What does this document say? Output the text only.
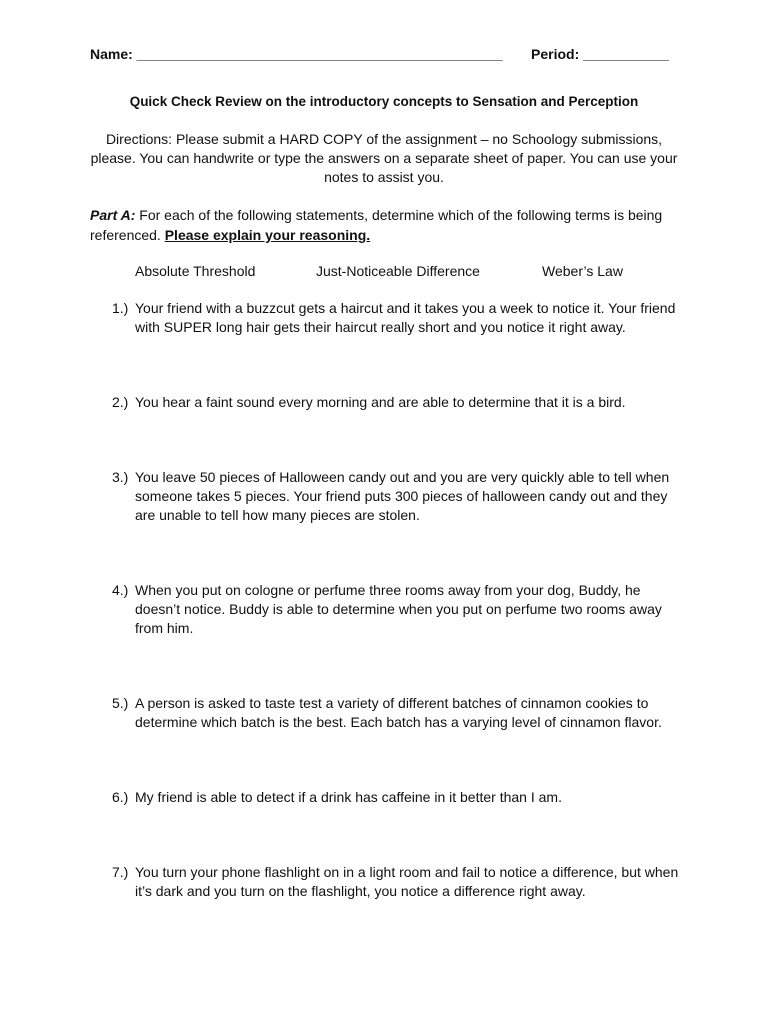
Name: _______________________________________________ Period: ___________
Quick Check Review on the introductory concepts to Sensation and Perception
Directions: Please submit a HARD COPY of the assignment – no Schoology submissions, please. You can handwrite or type the answers on a separate sheet of paper. You can use your notes to assist you.
Part A: For each of the following statements, determine which of the following terms is being referenced. Please explain your reasoning.
Absolute Threshold	Just-Noticeable Difference	Weber’s Law
1.) Your friend with a buzzcut gets a haircut and it takes you a week to notice it. Your friend with SUPER long hair gets their haircut really short and you notice it right away.
2.) You hear a faint sound every morning and are able to determine that it is a bird.
3.) You leave 50 pieces of Halloween candy out and you are very quickly able to tell when someone takes 5 pieces. Your friend puts 300 pieces of halloween candy out and they are unable to tell how many pieces are stolen.
4.) When you put on cologne or perfume three rooms away from your dog, Buddy, he doesn’t notice. Buddy is able to determine when you put on perfume two rooms away from him.
5.) A person is asked to taste test a variety of different batches of cinnamon cookies to determine which batch is the best. Each batch has a varying level of cinnamon flavor.
6.) My friend is able to detect if a drink has caffeine in it better than I am.
7.) You turn your phone flashlight on in a light room and fail to notice a difference, but when it’s dark and you turn on the flashlight, you notice a difference right away.
